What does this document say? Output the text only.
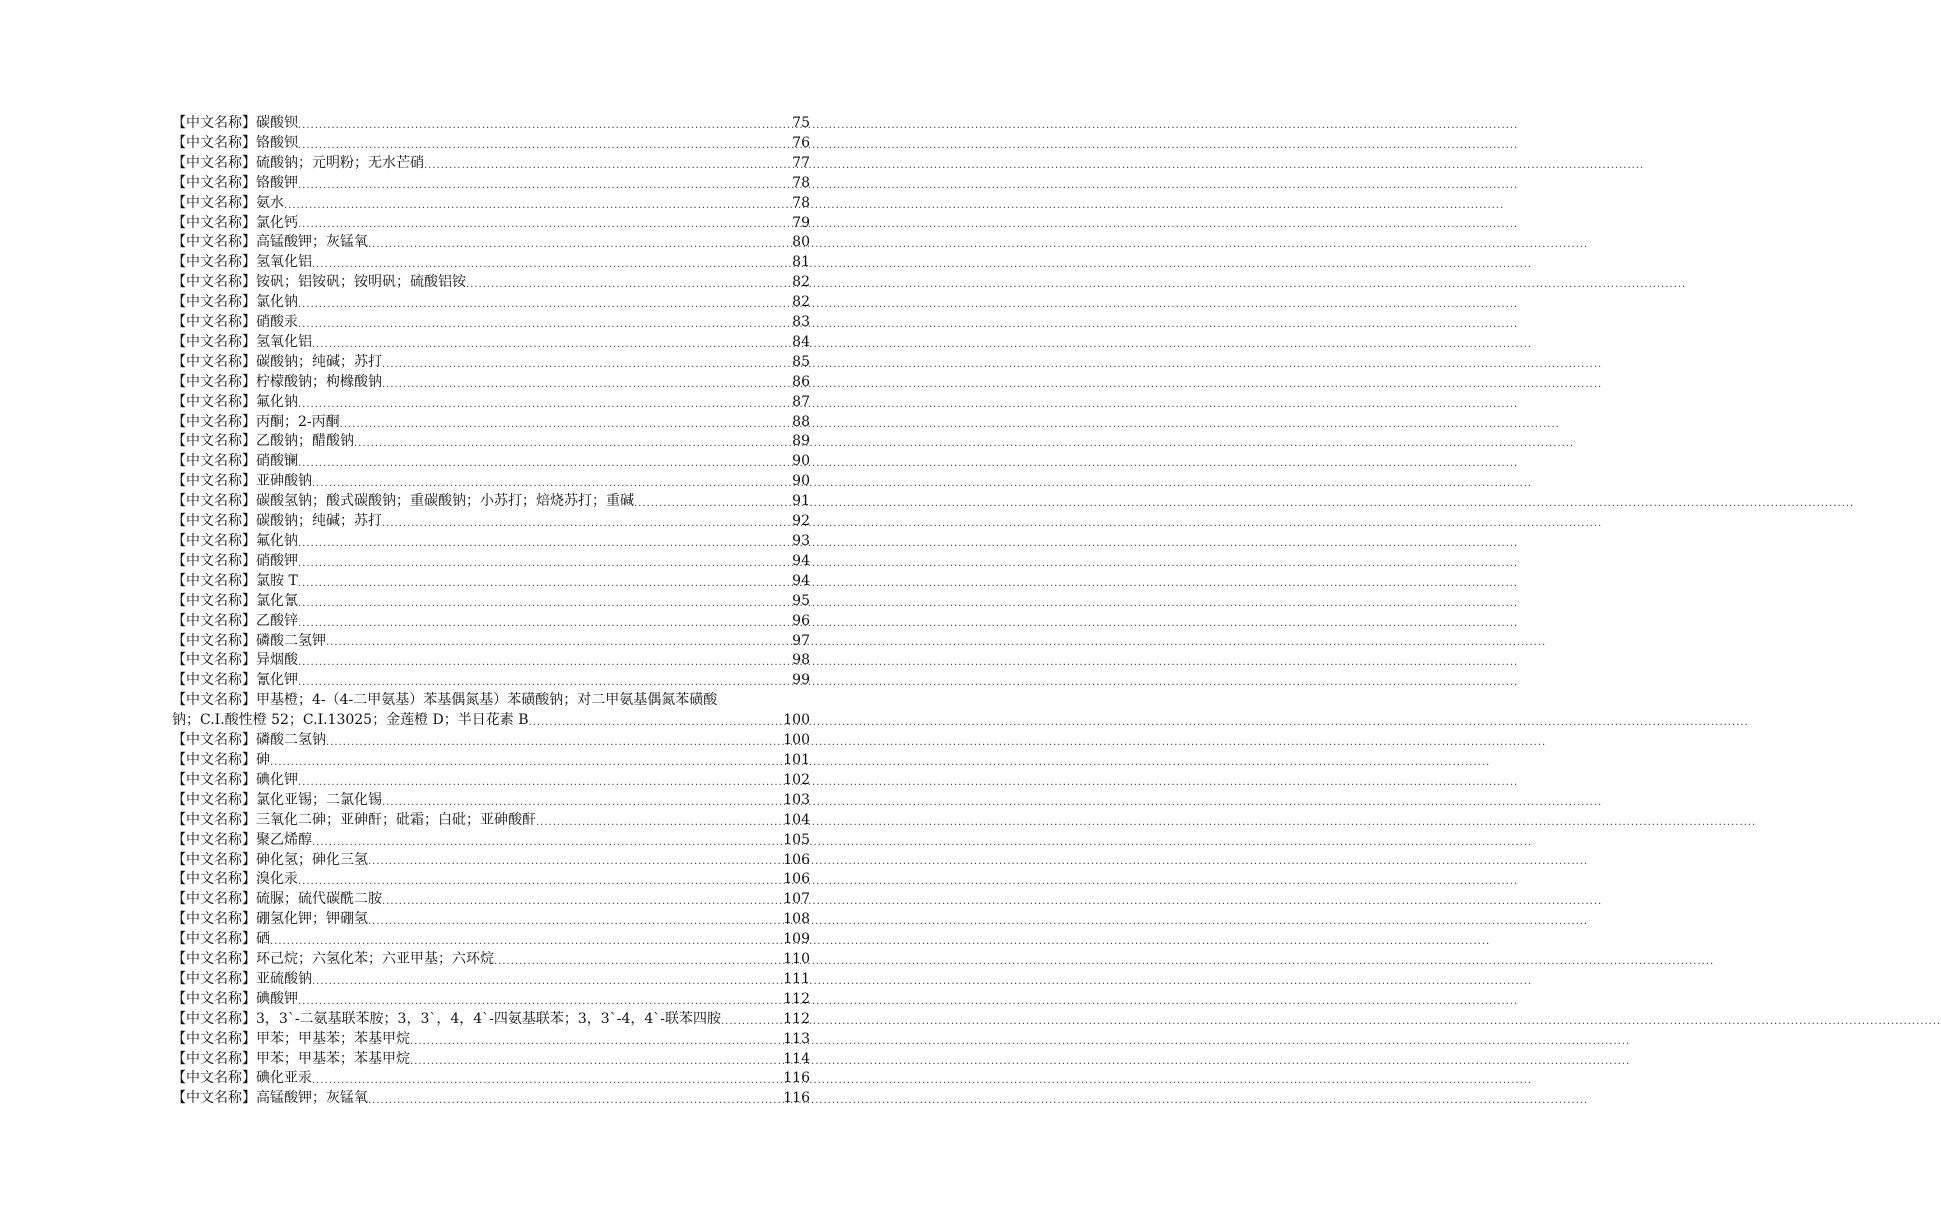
【中文名称】碳酸钡 .....	75
【中文名称】铬酸钡 .....	76
【中文名称】硫酸钠；元明粉；无水芒硝 .....	77
【中文名称】铬酸钾 .....	78
【中文名称】氨水 .....	78
【中文名称】氯化钙 .....	79
【中文名称】高锰酸钾；灰锰氧 .....	80
【中文名称】氢氧化铝 .....	81
【中文名称】铵矾；铝铵矾；铵明矾；硫酸铝铵 .....	82
【中文名称】氯化钠 .....	82
【中文名称】硝酸汞 .....	83
【中文名称】氢氧化铝 .....	84
【中文名称】碳酸钠；纯碱；苏打 .....	85
【中文名称】柠檬酸钠；枸橼酸钠 .....	86
【中文名称】氟化钠 .....	87
【中文名称】丙酮；2-丙酮 .....	88
【中文名称】乙酸钠；醋酸钠 .....	89
【中文名称】硝酸镧 .....	90
【中文名称】亚砷酸钠 .....	90
【中文名称】碳酸氢钠；酸式碳酸钠；重碳酸钠；小苏打；焙烧苏打；重碱 .....	91
【中文名称】碳酸钠；纯碱；苏打 .....	92
【中文名称】氟化钠 .....	93
【中文名称】硝酸钾 .....	94
【中文名称】氯胺 T .....	94
【中文名称】氯化氰 .....	95
【中文名称】乙酸锌 .....	96
【中文名称】磷酸二氢钾 .....	97
【中文名称】异烟酸 .....	98
【中文名称】氰化钾 .....	99
【中文名称】甲基橙；4-（4-二甲氨基）苯基偶氮基）苯磺酸钠；对二甲氨基偶氮苯磺酸
钠；C.I.酸性橙 52；C.I.13025；金莲橙 D；半日花素 B .....	100
【中文名称】磷酸二氢钠 .....	100
【中文名称】砷 .....	101
【中文名称】碘化钾 .....	102
【中文名称】氯化亚锡；二氯化锡 .....	103
【中文名称】三氧化二砷；亚砷酐；砒霜；白砒；亚砷酸酐 .....	104
【中文名称】聚乙烯醇 .....	105
【中文名称】砷化氢；砷化三氢 .....	106
【中文名称】溴化汞 .....	106
【中文名称】硫脲；硫代碳酰二胺 .....	107
【中文名称】硼氢化钾；钾硼氢 .....	108
【中文名称】硒 .....	109
【中文名称】环己烷；六氢化苯；六亚甲基；六环烷 .....	110
【中文名称】亚硫酸钠 .....	111
【中文名称】碘酸钾 .....	112
【中文名称】3，3`-二氨基联苯胺；3，3`，4，4`-四氨基联苯；3，3`-4，4`-联苯四胺 .....	112
【中文名称】甲苯；甲基苯；苯基甲烷 .....	113
【中文名称】甲苯；甲基苯；苯基甲烷 .....	114
【中文名称】碘化亚汞 .....	116
【中文名称】高锰酸钾；灰锰氧 .....	116
